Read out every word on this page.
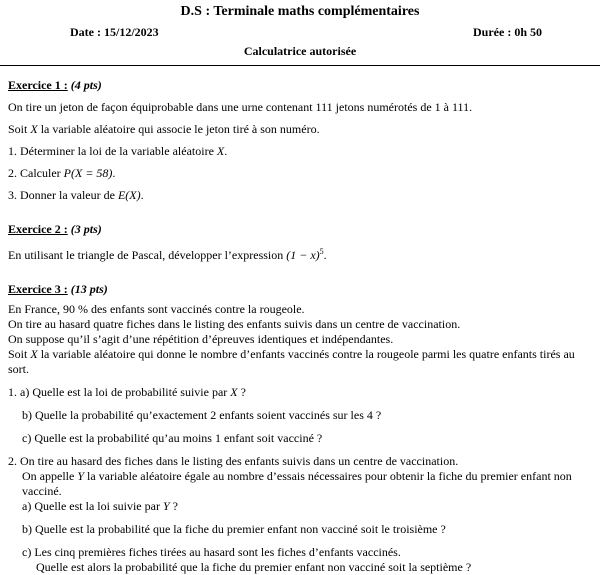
D.S : Terminale maths complémentaires
Date : 15/12/2023	Durée : 0h 50
Calculatrice autorisée
Exercice 1 : (4 pts)
On tire un jeton de façon équiprobable dans une urne contenant 111 jetons numérotés de 1 à 111.
Soit X la variable aléatoire qui associe le jeton tiré à son numéro.
1. Déterminer la loi de la variable aléatoire X.
2. Calculer P(X = 58).
3. Donner la valeur de E(X).
Exercice 2 : (3 pts)
En utilisant le triangle de Pascal, développer l’expression $(1 - x)^5$.
Exercice 3 : (13 pts)
En France, 90 % des enfants sont vaccinés contre la rougeole.
On tire au hasard quatre fiches dans le listing des enfants suivis dans un centre de vaccination.
On suppose qu’il s’agit d’une répétition d’épreuves identiques et indépendantes.
Soit X la variable aléatoire qui donne le nombre d’enfants vaccinés contre la rougeole parmi les quatre enfants tirés au sort.
1. a) Quelle est la loi de probabilité suivie par X ?
b) Quelle la probabilité qu’exactement 2 enfants soient vaccinés sur les 4 ?
c) Quelle est la probabilité qu’au moins 1 enfant soit vacciné ?
2. On tire au hasard des fiches dans le listing des enfants suivis dans un centre de vaccination.
On appelle Y la variable aléatoire égale au nombre d’essais nécessaires pour obtenir la fiche du premier enfant non vacciné.
a) Quelle est la loi suivie par Y ?
b) Quelle est la probabilité que la fiche du premier enfant non vacciné soit le troisième ?
c) Les cinq premières fiches tirées au hasard sont les fiches d’enfants vaccinés.
Quelle est alors la probabilité que la fiche du premier enfant non vacciné soit la septième ?
